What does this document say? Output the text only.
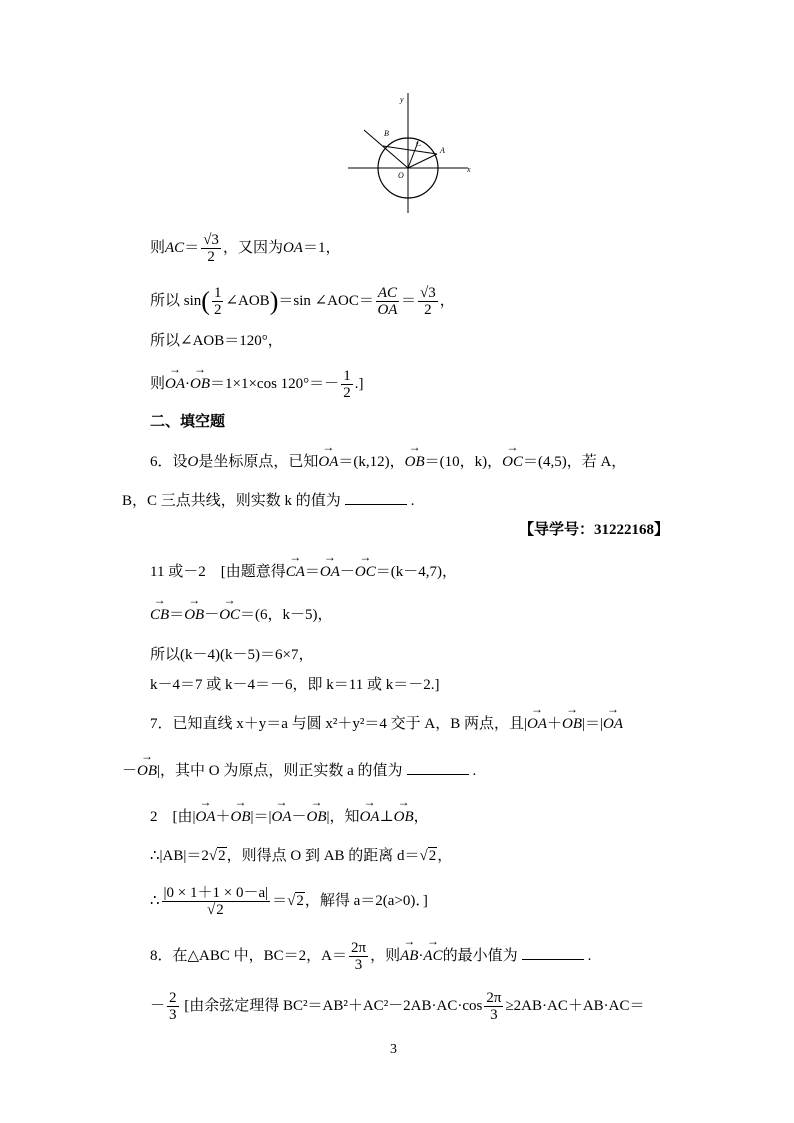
y
x
O
B
C
A
则$AC= \frac{√3}{2}$ ，又因为OA＝1，
所以 $\sin( \frac{1}{2}$ ∠AOB)＝sin ∠AOC＝ $\frac{AC}{OA} = \frac{√3}{2}$ ，
所以∠AOB＝120°，
则→ OA·→ OB＝1×1×cos $120^\circ=- \frac{1}{2}$ .]
二、填空题
6．设O是坐标原点，已知→ OA＝(k,12)，→ OB＝(10，k)，→ OC＝(4,5)，若 A，
B，C 三点共线，则实数 k 的值为	.
【导学号：31222168】
11 或－2　[由题意得→ CA＝→ OA－→ OC＝(k－4,7)，
→ CB＝→ OB－→ OC＝(6，k－5)，
所以(k－4)(k－5)＝6×7，
k－4＝7 或 k－4＝－6，即 k＝11 或 k＝－2.]
7．已知直线 x＋y＝a 与圆 x²＋y²＝4 交于 A，B 两点，且|→ OA＋→ OB|＝|→ OA
－→ OB|，其中 O 为原点，则正实数 a 的值为	.
2　[由|→ OA＋→ OB|＝|→ OA－→ OB|，知→ OA⊥→ OB，
∴|AB|＝2√2，则得点 O 到 AB 的距离 d＝√2，
∴ $\frac{|0 \times 1+1 \times 0-a|}{√2} =√2$，解得 a＝2(a>0)．]
8．在△ABC 中，BC＝2，$A= \frac{2\pi}{3}$ ，则→ AB·→ AC的最小值为	.
－ $\frac{2}{3}$ [由余弦定理得 $BC^2=AB^2+AC^2-2AB\cdot AC\cdot\cos \frac{2\pi}{3} \ge 2AB\cdot AC+AB\cdot AC=$
3
